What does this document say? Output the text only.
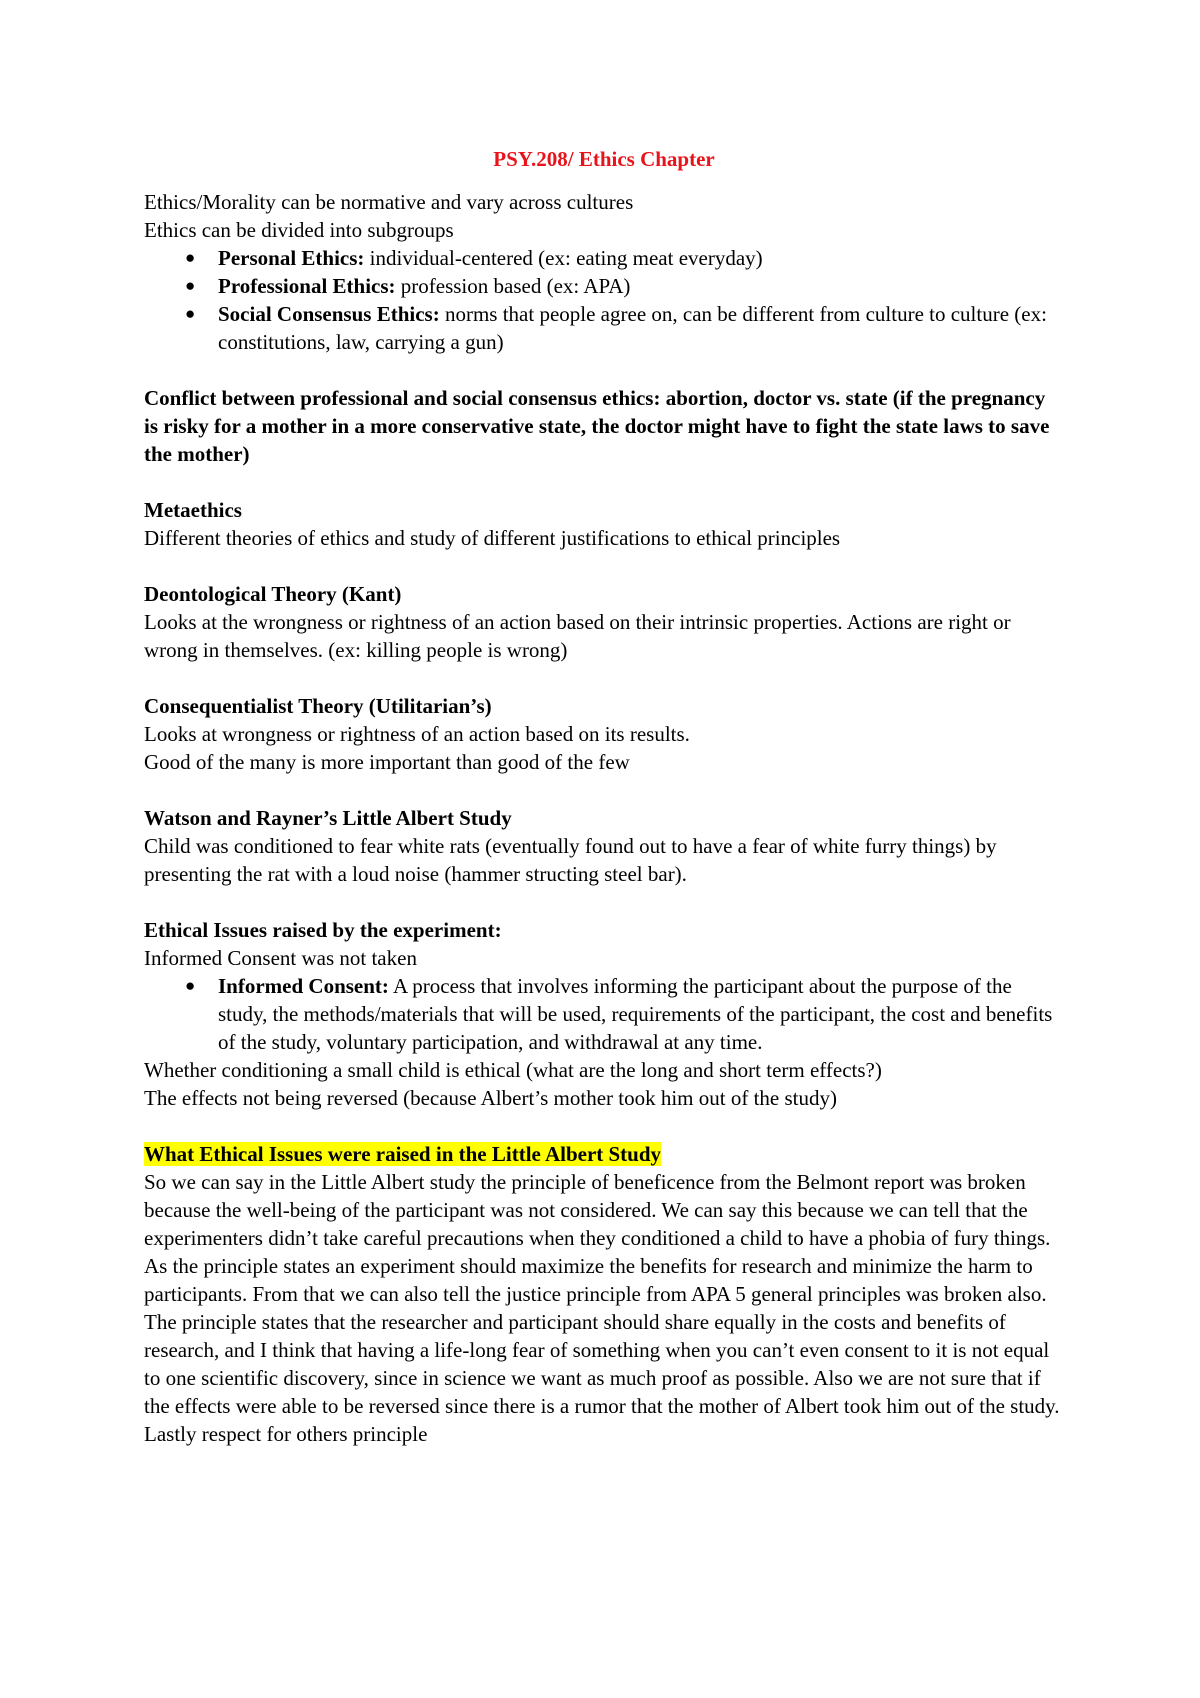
PSY.208/ Ethics Chapter

Ethics/Morality can be normative and vary across cultures

Ethics can be divided into subgroups

● Personal Ethics: individual-centered (ex: eating meat everyday)
● Professional Ethics: profession based (ex: APA)
● Social Consensus Ethics: norms that people agree on, can be different from culture to culture (ex: constitutions, law, carrying a gun)

Conflict between professional and social consensus ethics: abortion, doctor vs. state (if the pregnancy is risky for a mother in a more conservative state, the doctor might have to fight the state laws to save the mother)

Metaethics

Different theories of ethics and study of different justifications to ethical principles

Deontological Theory (Kant)

Looks at the wrongness or rightness of an action based on their intrinsic properties. Actions are right or wrong in themselves. (ex: killing people is wrong)

Consequentialist Theory (Utilitarian’s)

Looks at wrongness or rightness of an action based on its results.

Good of the many is more important than good of the few

Watson and Rayner’s Little Albert Study

Child was conditioned to fear white rats (eventually found out to have a fear of white furry things) by presenting the rat with a loud noise (hammer structing steel bar).

Ethical Issues raised by the experiment:

Informed Consent was not taken

● Informed Consent: A process that involves informing the participant about the purpose of the study, the methods/materials that will be used, requirements of the participant, the cost and benefits of the study, voluntary participation, and withdrawal at any time.

Whether conditioning a small child is ethical (what are the long and short term effects?)

The effects not being reversed (because Albert’s mother took him out of the study)

What Ethical Issues were raised in the Little Albert Study

So we can say in the Little Albert study the principle of beneficence from the Belmont report was broken because the well-being of the participant was not considered. We can say this because we can tell that the experimenters didn’t take careful precautions when they conditioned a child to have a phobia of fury things. As the principle states an experiment should maximize the benefits for research and minimize the harm to participants. From that we can also tell the justice principle from APA 5 general principles was broken also. The principle states that the researcher and participant should share equally in the costs and benefits of research, and I think that having a life-long fear of something when you can’t even consent to it is not equal to one scientific discovery, since in science we want as much proof as possible. Also we are not sure that if the effects were able to be reversed since there is a rumor that the mother of Albert took him out of the study. Lastly respect for others principle
